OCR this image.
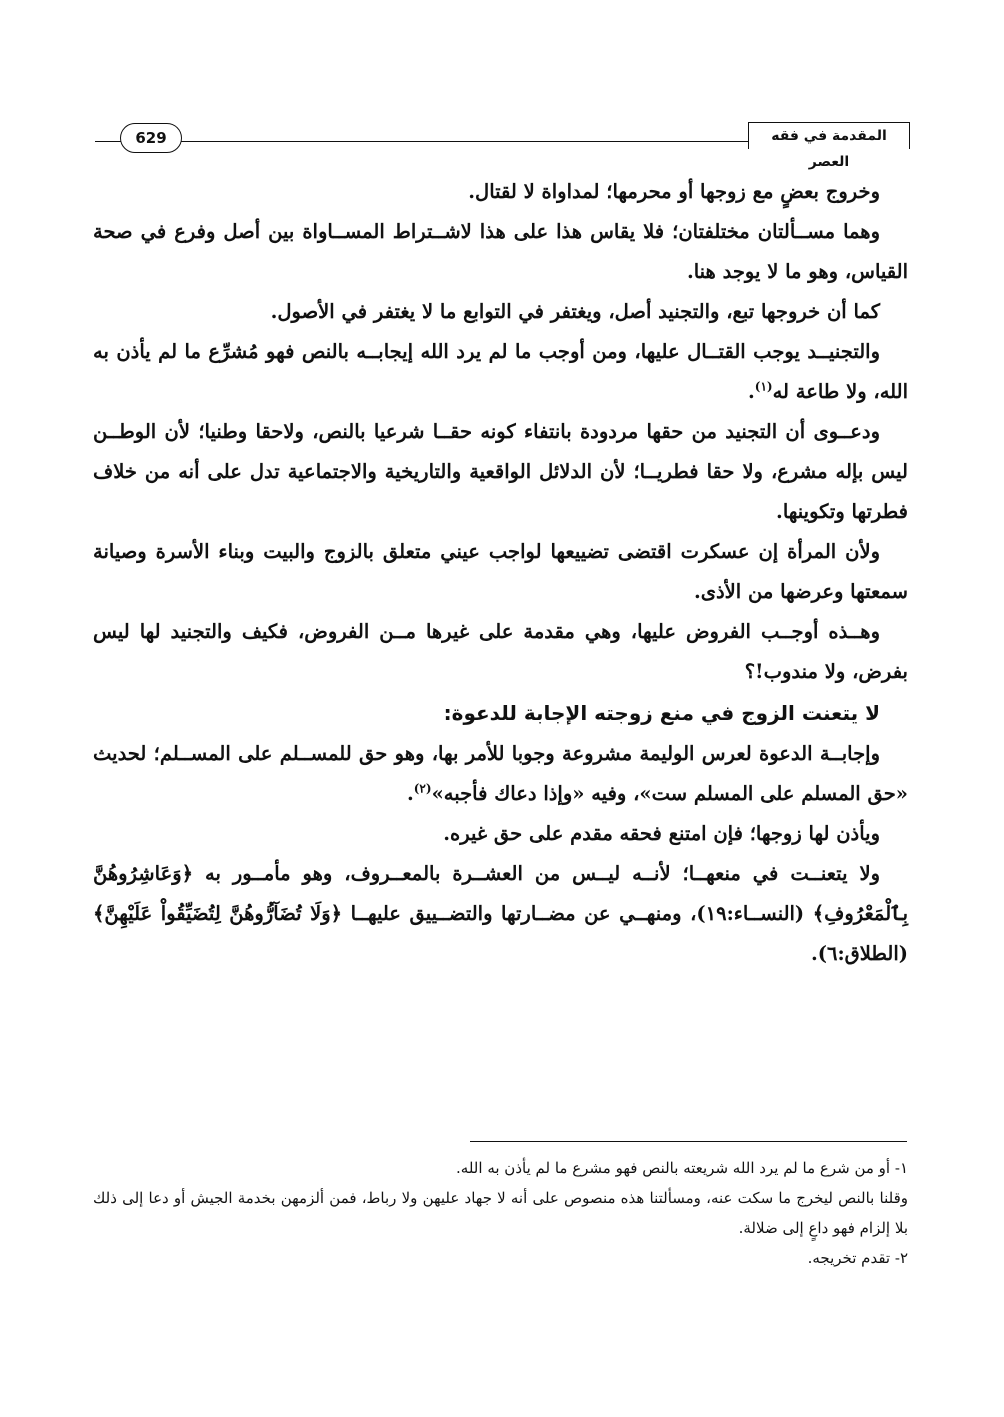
المقدمة في فقه العصر
629

وخروج بعضٍ مع زوجها أو محرمها؛ لمداواة لا لقتال.

وهما مســألتان مختلفتان؛ فلا يقاس هذا على هذا لاشــتراط المســاواة بين أصل وفرع في صحة القياس، وهو ما لا يوجد هنا.

كما أن خروجها تبع، والتجنيد أصل، ويغتفر في التوابع ما لا يغتفر في الأصول.

والتجنيــد يوجب القتــال عليها، ومن أوجب ما لم يرد الله إيجابــه بالنص فهو مُشرِّع ما لم يأذن به الله، ولا طاعة له$^{(١)}$.

ودعــوى أن التجنيد من حقها مردودة بانتفاء كونه حقــا شرعيا بالنص، ولاحقا وطنيا؛ لأن الوطــن ليس بإله مشرع، ولا حقا فطريــا؛ لأن الدلائل الواقعية والتاريخية والاجتماعية تدل على أنه من خلاف فطرتها وتكوينها.

ولأن المرأة إن عسكرت اقتضى تضييعها لواجب عيني متعلق بالزوج والبيت وبناء الأسرة وصيانة سمعتها وعرضها من الأذى.

وهــذه أوجــب الفروض عليها، وهي مقدمة على غيرها مــن الفروض، فكيف والتجنيد لها ليس بفرض، ولا مندوب!؟

لا يتعنت الزوج في منع زوجته الإجابة للدعوة:

وإجابــة الدعوة لعرس الوليمة مشروعة وجوبا للأمر بها، وهو حق للمســلم على المســلم؛ لحديث «حق المسلم على المسلم ست»، وفيه «وإذا دعاك فأجبه»$^{(٢)}$.

ويأذن لها زوجها؛ فإن امتنع فحقه مقدم على حق غيره.

ولا يتعنــت في منعهــا؛ لأنــه ليــس من العشــرة بالمعــروف، وهو مأمــور به ﴿وَعَاشِرُوهُنَّ بِٱلْمَعْرُوفِ﴾ (النســاء:١٩)، ومنهــي عن مضــارتها والتضــييق عليهــا ﴿وَلَا تُضَآرُّوهُنَّ لِتُضَيِّقُواْ عَلَيْهِنَّ﴾ (الطلاق:٦).

١- أو من شرع ما لم يرد الله شريعته بالنص فهو مشرع ما لم يأذن به الله.

وقلنا بالنص ليخرج ما سكت عنه، ومسألتنا هذه منصوص على أنه لا جهاد عليهن ولا رباط، فمن ألزمهن بخدمة الجيش أو دعا إلى ذلك بلا إلزام فهو داعٍ إلى ضلالة.

٢- تقدم تخريجه.
